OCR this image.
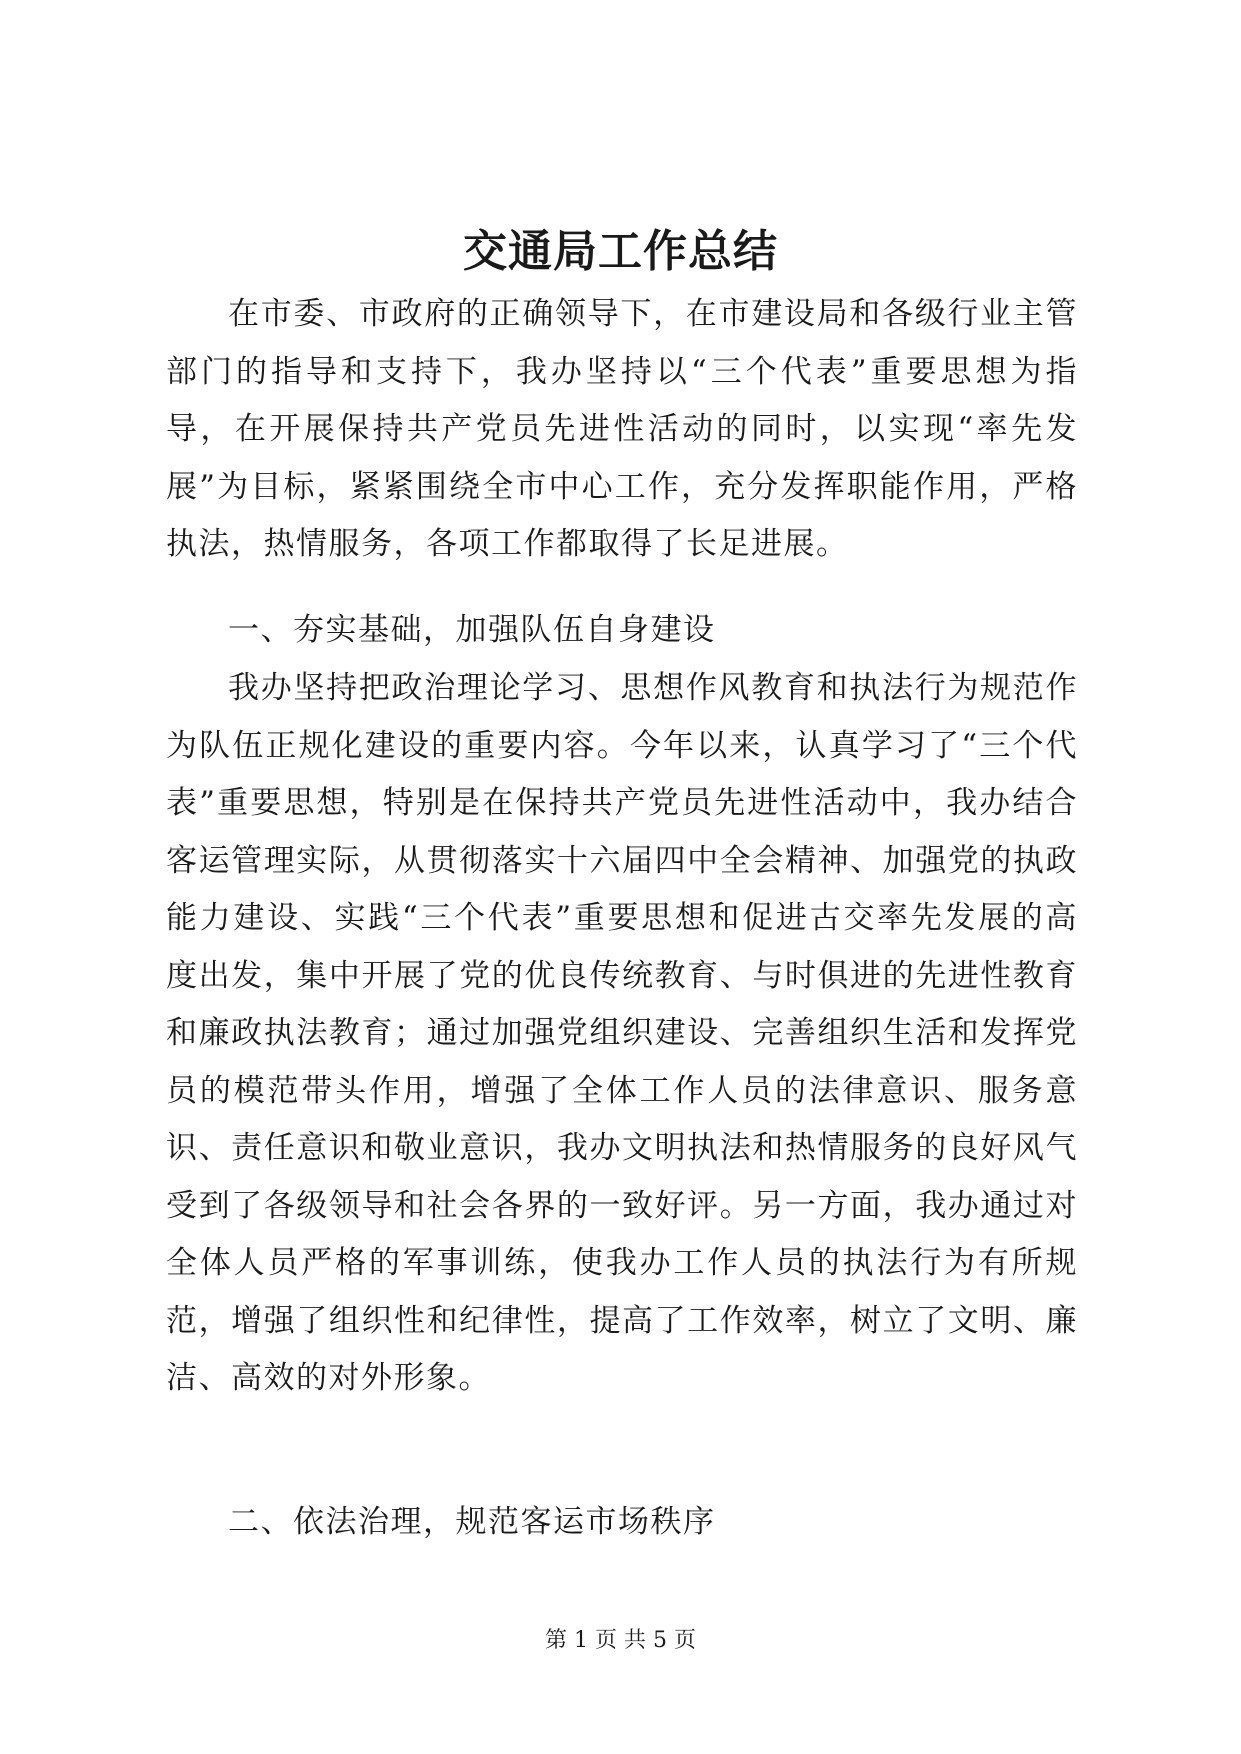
交通局工作总结

在市委、市政府的正确领导下，在市建设局和各级行业主管部门的指导和支持下，我办坚持以“三个代表”重要思想为指导，在开展保持共产党员先进性活动的同时，以实现“率先发展”为目标，紧紧围绕全市中心工作，充分发挥职能作用，严格执法，热情服务，各项工作都取得了长足进展。

一、夯实基础，加强队伍自身建设

我办坚持把政治理论学习、思想作风教育和执法行为规范作为队伍正规化建设的重要内容。今年以来，认真学习了“三个代表”重要思想，特别是在保持共产党员先进性活动中，我办结合客运管理实际，从贯彻落实十六届四中全会精神、加强党的执政能力建设、实践“三个代表”重要思想和促进古交率先发展的高度出发，集中开展了党的优良传统教育、与时俱进的先进性教育和廉政执法教育；通过加强党组织建设、完善组织生活和发挥党员的模范带头作用，增强了全体工作人员的法律意识、服务意识、责任意识和敬业意识，我办文明执法和热情服务的良好风气受到了各级领导和社会各界的一致好评。另一方面，我办通过对全体人员严格的军事训练，使我办工作人员的执法行为有所规范，增强了组织性和纪律性，提高了工作效率，树立了文明、廉洁、高效的对外形象。

二、依法治理，规范客运市场秩序

第 1 页 共 5 页
